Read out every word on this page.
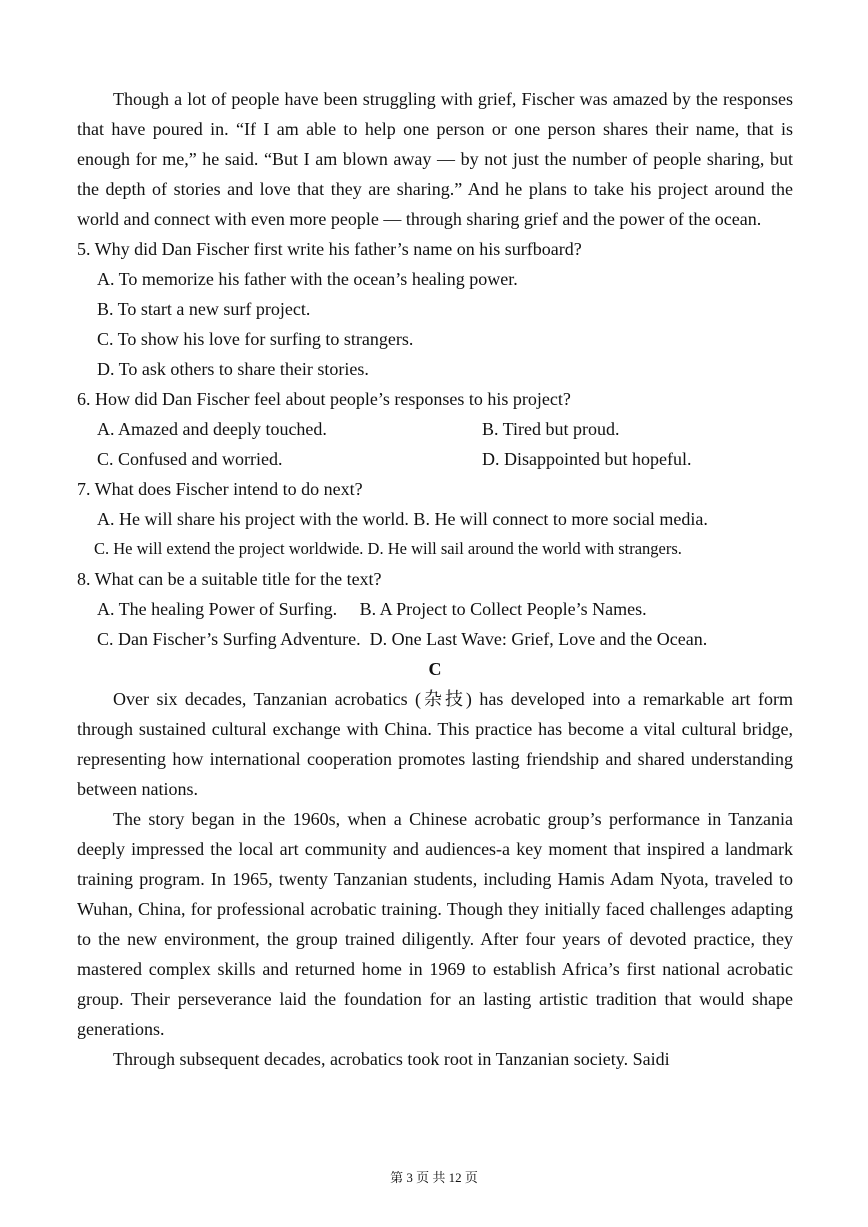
Though a lot of people have been struggling with grief, Fischer was amazed by the responses that have poured in. “If I am able to help one person or one person shares their name, that is enough for me,” he said. “But I am blown away — by not just the number of people sharing, but the depth of stories and love that they are sharing.” And he plans to take his project around the world and connect with even more people — through sharing grief and the power of the ocean.

5. Why did Dan Fischer first write his father’s name on his surfboard?

A. To memorize his father with the ocean’s healing power.

B. To start a new surf project.

C. To show his love for surfing to strangers.

D. To ask others to share their stories.

6. How did Dan Fischer feel about people’s responses to his project?

A. Amazed and deeply touched.	B. Tired but proud.
C. Confused and worried.	D. Disappointed but hopeful.

7. What does Fischer intend to do next?

A. He will share his project with the world. B. He will connect to more social media.

C. He will extend the project worldwide. D. He will sail around the world with strangers.

8. What can be a suitable title for the text?

A. The healing Power of Surfing.     B. A Project to Collect People’s Names.

C. Dan Fischer’s Surfing Adventure.  D. One Last Wave: Grief, Love and the Ocean.

C

Over six decades, Tanzanian acrobatics (杂技) has developed into a remarkable art form through sustained cultural exchange with China. This practice has become a vital cultural bridge, representing how international cooperation promotes lasting friendship and shared understanding between nations.

The story began in the 1960s, when a Chinese acrobatic group’s performance in Tanzania deeply impressed the local art community and audiences-a key moment that inspired a landmark training program. In 1965, twenty Tanzanian students, including Hamis Adam Nyota, traveled to Wuhan, China, for professional acrobatic training. Though they initially faced challenges adapting to the new environment, the group trained diligently. After four years of devoted practice, they mastered complex skills and returned home in 1969 to establish Africa’s first national acrobatic group. Their perseverance laid the foundation for an lasting artistic tradition that would shape generations.

Through subsequent decades, acrobatics took root in Tanzanian society. Saidi

第 3 页 共 12 页
